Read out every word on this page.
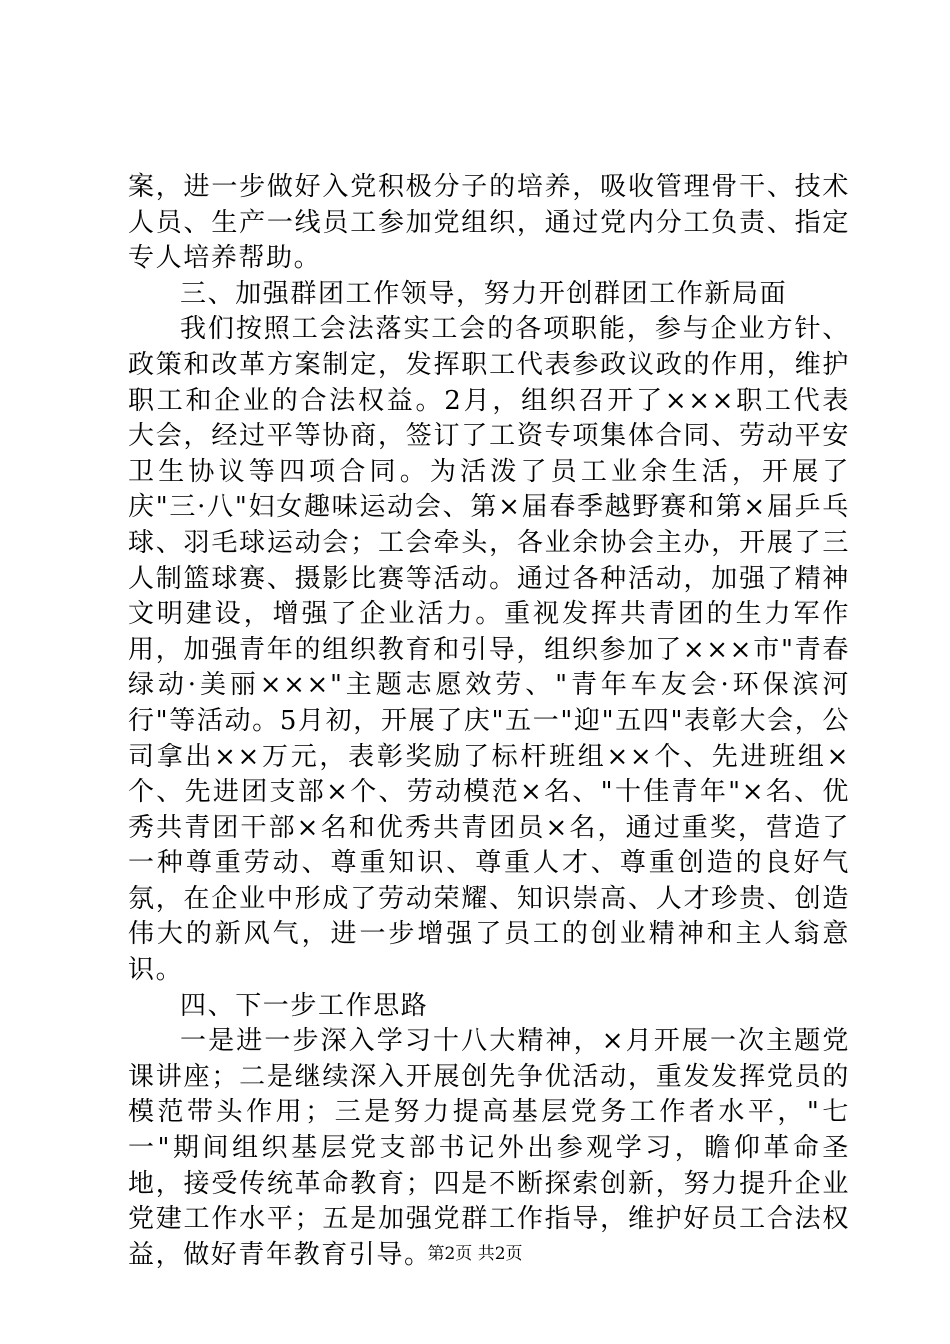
案，进一步做好入党积极分子的培养，吸收管理骨干、技术人员、生产一线员工参加党组织，通过党内分工负责、指定专人培养帮助。

三、加强群团工作领导，努力开创群团工作新局面

我们按照工会法落实工会的各项职能，参与企业方针、政策和改革方案制定，发挥职工代表参政议政的作用，维护职工和企业的合法权益。2月，组织召开了×××职工代表大会，经过平等协商，签订了工资专项集体合同、劳动平安卫生协议等四项合同。为活泼了员工业余生活，开展了庆"三·八"妇女趣味运动会、第×届春季越野赛和第×届乒乓球、羽毛球运动会；工会牵头，各业余协会主办，开展了三人制篮球赛、摄影比赛等活动。通过各种活动，加强了精神文明建设，增强了企业活力。重视发挥共青团的生力军作用，加强青年的组织教育和引导，组织参加了×××市"青春绿动·美丽×××"主题志愿效劳、"青年车友会·环保滨河行"等活动。5月初，开展了庆"五一"迎"五四"表彰大会，公司拿出××万元，表彰奖励了标杆班组××个、先进班组×个、先进团支部×个、劳动模范×名、"十佳青年"×名、优秀共青团干部×名和优秀共青团员×名，通过重奖，营造了一种尊重劳动、尊重知识、尊重人才、尊重创造的良好气氛，在企业中形成了劳动荣耀、知识崇高、人才珍贵、创造伟大的新风气，进一步增强了员工的创业精神和主人翁意识。

四、下一步工作思路

一是进一步深入学习十八大精神，×月开展一次主题党课讲座；二是继续深入开展创先争优活动，重发发挥党员的模范带头作用；三是努力提高基层党务工作者水平，"七一"期间组织基层党支部书记外出参观学习，瞻仰革命圣地，接受传统革命教育；四是不断探索创新，努力提升企业党建工作水平；五是加强党群工作指导，维护好员工合法权益，做好青年教育引导。

第2页 共2页
